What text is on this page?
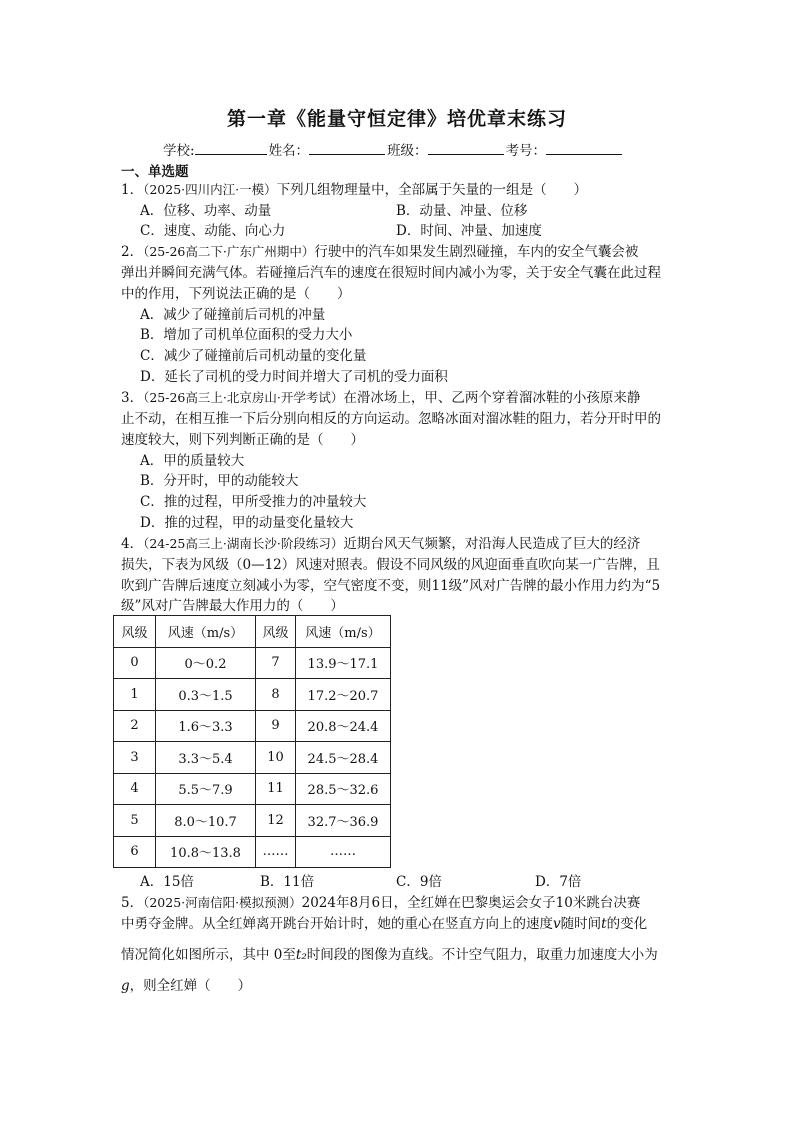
第一章《能量守恒定律》培优章末练习
学校:	姓名：	班级：	考号：
一、单选题
1．（2025·四川内江·一模）下列几组物理量中，全部属于矢量的一组是（　　）
A．位移、功率、动量	B．动量、冲量、位移
C．速度、动能、向心力	D．时间、冲量、加速度
2．（25-26高二下·广东广州期中）行驶中的汽车如果发生剧烈碰撞，车内的安全气囊会被
弹出并瞬间充满气体。若碰撞后汽车的速度在很短时间内减小为零，关于安全气囊在此过程
中的作用，下列说法正确的是（　　）
A．减少了碰撞前后司机的冲量
B．增加了司机单位面积的受力大小
C．减少了碰撞前后司机动量的变化量
D．延长了司机的受力时间并增大了司机的受力面积
3．（25-26高三上·北京房山·开学考试）在滑冰场上，甲、乙两个穿着溜冰鞋的小孩原来静
止不动，在相互推一下后分别向相反的方向运动。忽略冰面对溜冰鞋的阻力，若分开时甲的
速度较大，则下列判断正确的是（　　）
A．甲的质量较大
B．分开时，甲的动能较大
C．推的过程，甲所受推力的冲量较大
D．推的过程，甲的动量变化量较大
4．（24-25高三上·湖南长沙·阶段练习）近期台风天气频繁，对沿海人民造成了巨大的经济
损失，下表为风级（0—12）风速对照表。假设不同风级的风迎面垂直吹向某一广告牌，且
吹到广告牌后速度立刻减小为零，空气密度不变，则11级”风对广告牌的最小作用力约为“5
级”风对广告牌最大作用力的（　　）
风级	风速（m/s）	风级	风速（m/s）
0	0～0.2	7	13.9～17.1
1	0.3～1.5	8	17.2～20.7
2	1.6～3.3	9	20.8～24.4
3	3.3～5.4	10	24.5～28.4
4	5.5～7.9	11	28.5～32.6
5	8.0～10.7	12	32.7～36.9
6	10.8～13.8	……	……
A．15倍	B．11倍	C．9倍	D．7倍
5．（2025·河南信阳·模拟预测）2024年8月6日，全红婵在巴黎奥运会女子10米跳台决赛
中勇夺金牌。从全红婵离开跳台开始计时，她的重心在竖直方向上的速度v随时间t的变化
情况简化如图所示，其中 0至t₂时间段的图像为直线。不计空气阻力，取重力加速度大小为
g，则全红婵（　　）
